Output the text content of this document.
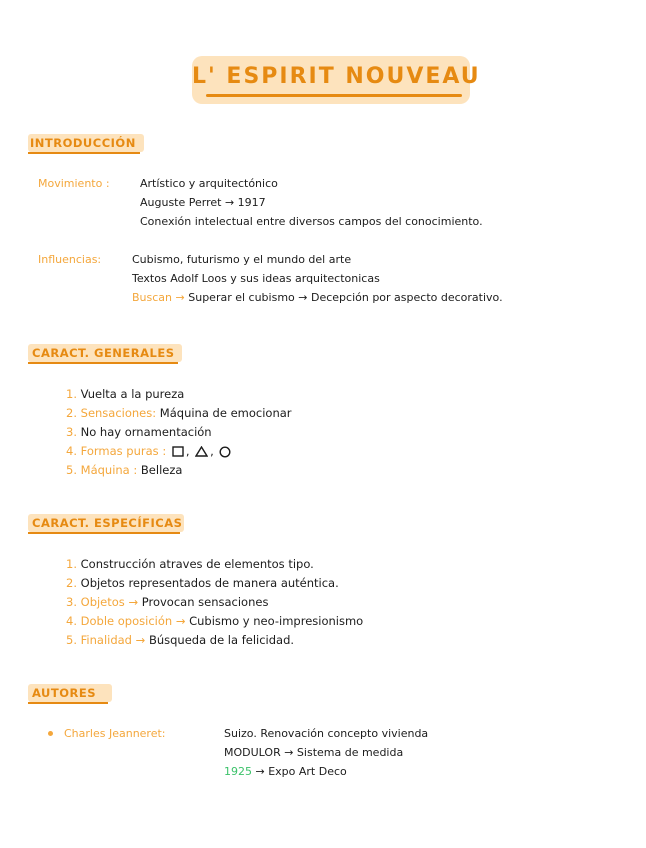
L' ESPIRIT NOUVEAU
INTRODUCCIÓN
Movimiento :	Artístico y arquitectónico
Auguste Perret → 1917
Conexión intelectual entre diversos campos del conocimiento.
Influencias:	Cubismo, futurismo y el mundo del arte
Textos Adolf Loos y sus ideas arquitectonicas
Buscan → Superar el cubismo → Decepción por aspecto decorativo.
CARACT. GENERALES
1. Vuelta a la pureza
2. Sensaciones: Máquina de emocionar
3. No hay ornamentación
4. Formas puras : , ,
5. Máquina : Belleza
CARACT. ESPECÍFICAS
1. Construcción atraves de elementos tipo.
2. Objetos representados de manera auténtica.
3. Objetos → Provocan sensaciones
4. Doble oposición → Cubismo y neo-impresionismo
5. Finalidad → Búsqueda de la felicidad.
AUTORES
Charles Jeanneret:	Suizo. Renovación concepto vivienda
MODULOR → Sistema de medida
1925 → Expo Art Deco
